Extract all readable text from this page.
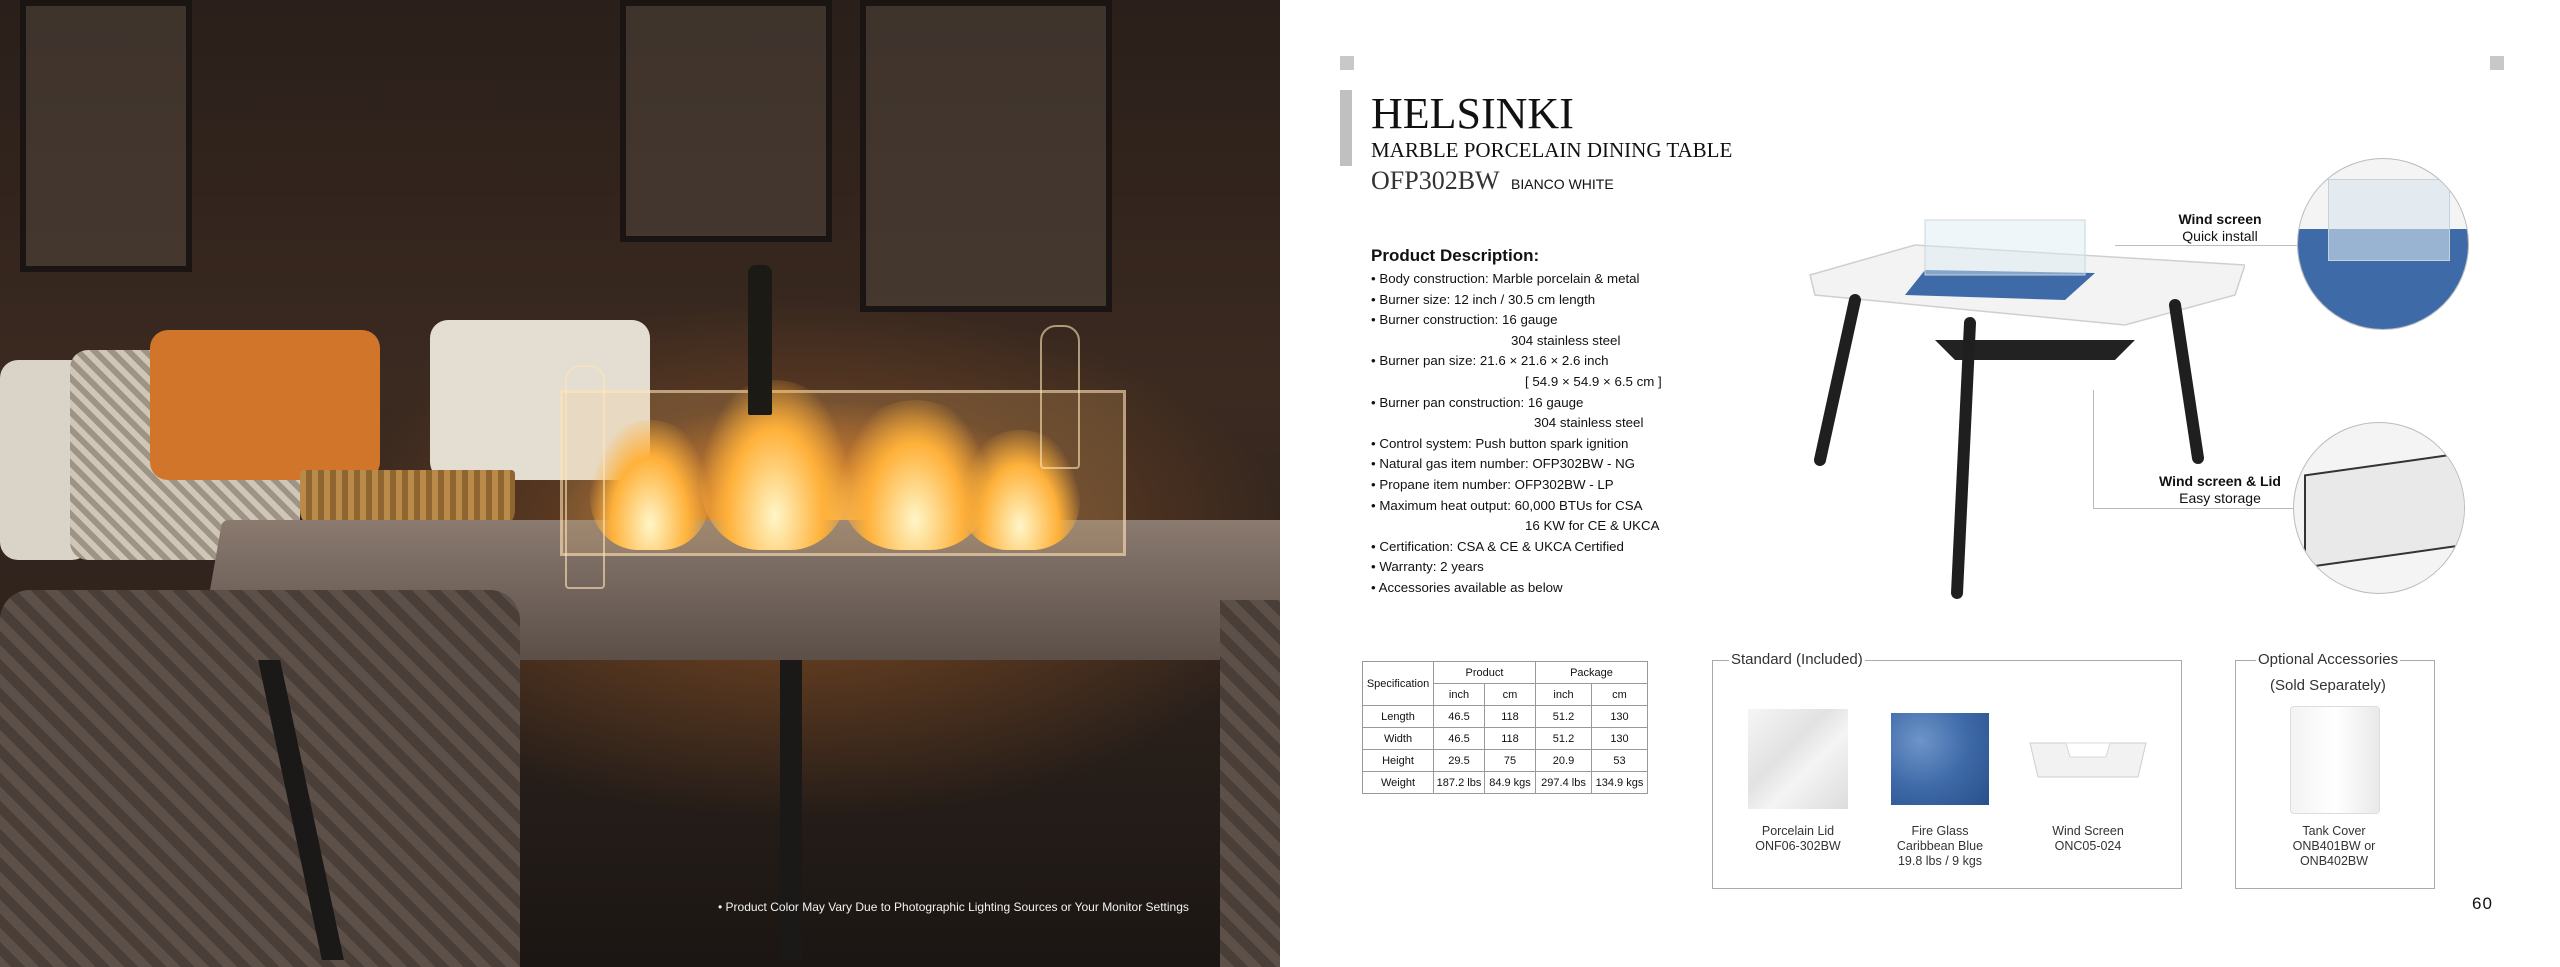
• Product Color May Vary Due to Photographic Lighting Sources or Your Monitor Settings
HELSINKI
MARBLE PORCELAIN DINING TABLE
OFP302BW BIANCO WHITE
Product Description:
• Body construction: Marble porcelain & metal
• Burner size: 12 inch / 30.5 cm length
• Burner construction: 16 gauge
304 stainless steel
• Burner pan size: 21.6 × 21.6 × 2.6 inch
[ 54.9 × 54.9 × 6.5 cm ]
• Burner pan construction: 16 gauge
304 stainless steel
• Control system: Push button spark ignition
• Natural gas item number: OFP302BW - NG
• Propane item number: OFP302BW - LP
• Maximum heat output: 60,000 BTUs for CSA
16 KW for CE & UKCA
• Certification: CSA & CE & UKCA Certified
• Warranty: 2 years
• Accessories available as below
Wind screen
Quick install
Wind screen & Lid
Easy storage
Specification	Product		Package	
	inch	cm	inch	cm
Length	46.5	118	51.2	130
Width	46.5	118	51.2	130
Height	29.5	75	20.9	53
Weight	187.2 lbs	84.9 kgs	297.4 lbs	134.9 kgs
Standard (Included)
Porcelain Lid
ONF06-302BW
Fire Glass
Caribbean Blue
19.8 lbs / 9 kgs
Wind Screen
ONC05-024
Optional Accessories
(Sold Separately)
Tank Cover
ONB401BW or
ONB402BW
60
